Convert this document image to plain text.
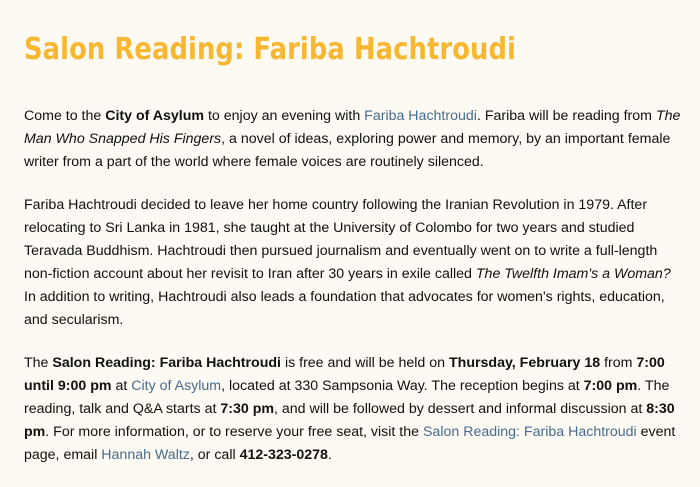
Salon Reading: Fariba Hachtroudi

Come to the City of Asylum to enjoy an evening with Fariba Hachtroudi. Fariba will be reading from The Man Who Snapped His Fingers, a novel of ideas, exploring power and memory, by an important female writer from a part of the world where female voices are routinely silenced.

Fariba Hachtroudi decided to leave her home country following the Iranian Revolution in 1979. After relocating to Sri Lanka in 1981, she taught at the University of Colombo for two years and studied Teravada Buddhism. Hachtroudi then pursued journalism and eventually went on to write a full-length non-fiction account about her revisit to Iran after 30 years in exile called The Twelfth Imam's a Woman? In addition to writing, Hachtroudi also leads a foundation that advocates for women's rights, education, and secularism.

The Salon Reading: Fariba Hachtroudi is free and will be held on Thursday, February 18 from 7:00 until 9:00 pm at City of Asylum, located at 330 Sampsonia Way. The reception begins at 7:00 pm. The reading, talk and Q&A starts at 7:30 pm, and will be followed by dessert and informal discussion at 8:30 pm. For more information, or to reserve your free seat, visit the Salon Reading: Fariba Hachtroudi event page, email Hannah Waltz, or call 412-323-0278.
